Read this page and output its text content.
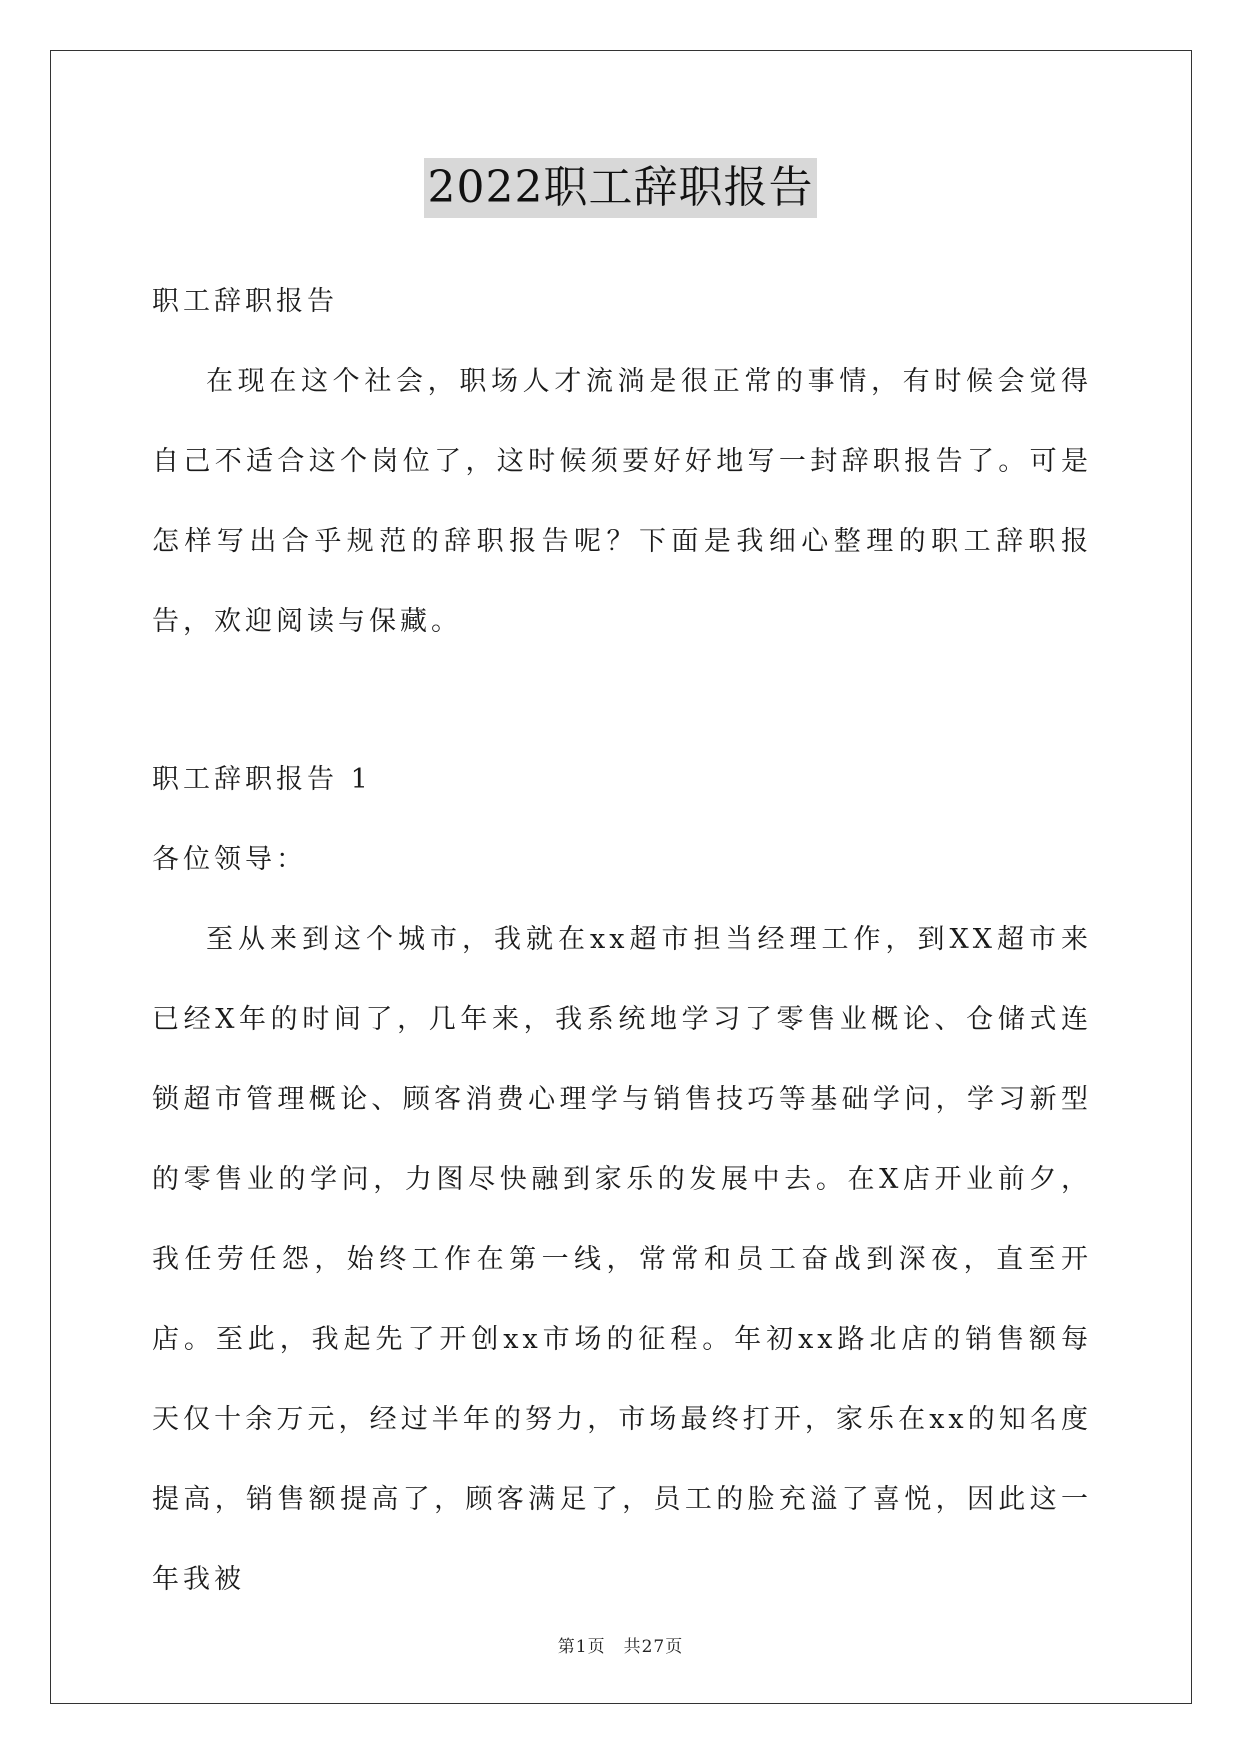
2022职工辞职报告

职工辞职报告

在现在这个社会，职场人才流淌是很正常的事情，有时候会觉得自己不适合这个岗位了，这时候须要好好地写一封辞职报告了。可是怎样写出合乎规范的辞职报告呢？下面是我细心整理的职工辞职报告，欢迎阅读与保藏。

职工辞职报告 1

各位领导：

至从来到这个城市，我就在xx超市担当经理工作，到XX超市来已经X年的时间了，几年来，我系统地学习了零售业概论、仓储式连锁超市管理概论、顾客消费心理学与销售技巧等基础学问，学习新型的零售业的学问，力图尽快融到家乐的发展中去。在X店开业前夕，我任劳任怨，始终工作在第一线，常常和员工奋战到深夜，直至开店。至此，我起先了开创xx市场的征程。年初xx路北店的销售额每天仅十余万元，经过半年的努力，市场最终打开，家乐在xx的知名度提高，销售额提高了，顾客满足了，员工的脸充溢了喜悦，因此这一年我被

第1页　共27页
